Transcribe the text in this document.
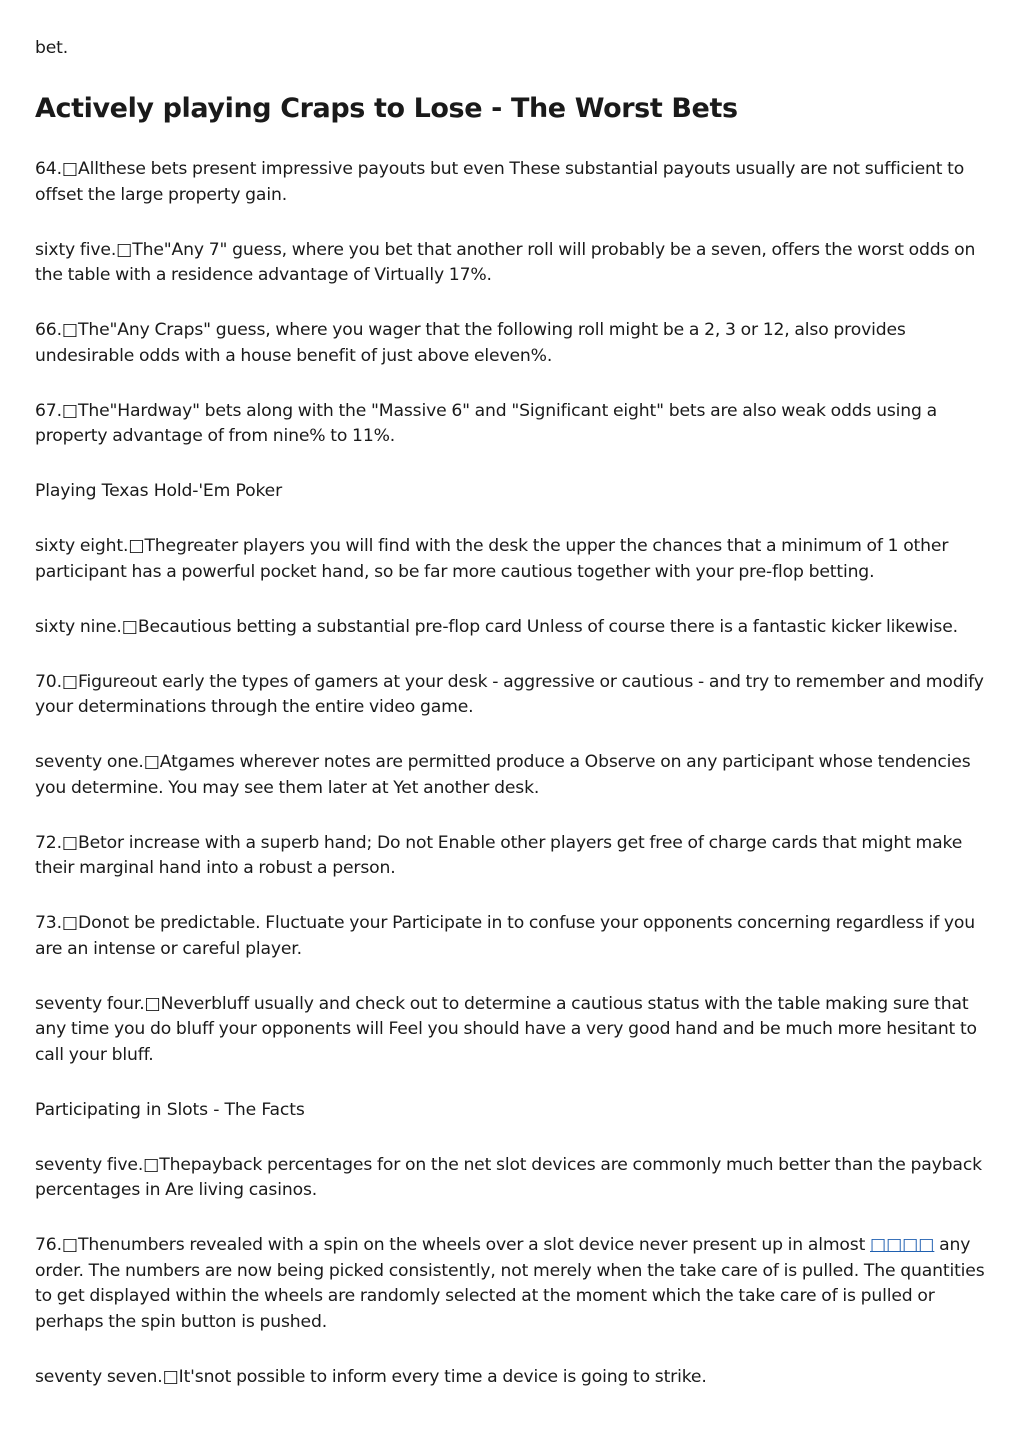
bet.

Actively playing Craps to Lose - The Worst Bets

64.□Allthese bets present impressive payouts but even These substantial payouts usually are not sufficient to offset the large property gain.

sixty five.□The"Any 7" guess, where you bet that another roll will probably be a seven, offers the worst odds on the table with a residence advantage of Virtually 17%.

66.□The"Any Craps" guess, where you wager that the following roll might be a 2, 3 or 12, also provides undesirable odds with a house benefit of just above eleven%.

67.□The"Hardway" bets along with the "Massive 6" and "Significant eight" bets are also weak odds using a property advantage of from nine% to 11%.

Playing Texas Hold-'Em Poker

sixty eight.□Thegreater players you will find with the desk the upper the chances that a minimum of 1 other participant has a powerful pocket hand, so be far more cautious together with your pre-flop betting.

sixty nine.□Becautious betting a substantial pre-flop card Unless of course there is a fantastic kicker likewise.

70.□Figureout early the types of gamers at your desk - aggressive or cautious - and try to remember and modify your determinations through the entire video game.

seventy one.□Atgames wherever notes are permitted produce a Observe on any participant whose tendencies you determine. You may see them later at Yet another desk.

72.□Betor increase with a superb hand; Do not Enable other players get free of charge cards that might make their marginal hand into a robust a person.

73.□Donot be predictable. Fluctuate your Participate in to confuse your opponents concerning regardless if you are an intense or careful player.

seventy four.□Neverbluff usually and check out to determine a cautious status with the table making sure that any time you do bluff your opponents will Feel you should have a very good hand and be much more hesitant to call your bluff.

Participating in Slots - The Facts

seventy five.□Thepayback percentages for on the net slot devices are commonly much better than the payback percentages in Are living casinos.

76.□Thenumbers revealed with a spin on the wheels over a slot device never present up in almost □□□□ any order. The numbers are now being picked consistently, not merely when the take care of is pulled. The quantities to get displayed within the wheels are randomly selected at the moment which the take care of is pulled or perhaps the spin button is pushed.

seventy seven.□It'snot possible to inform every time a device is going to strike.
